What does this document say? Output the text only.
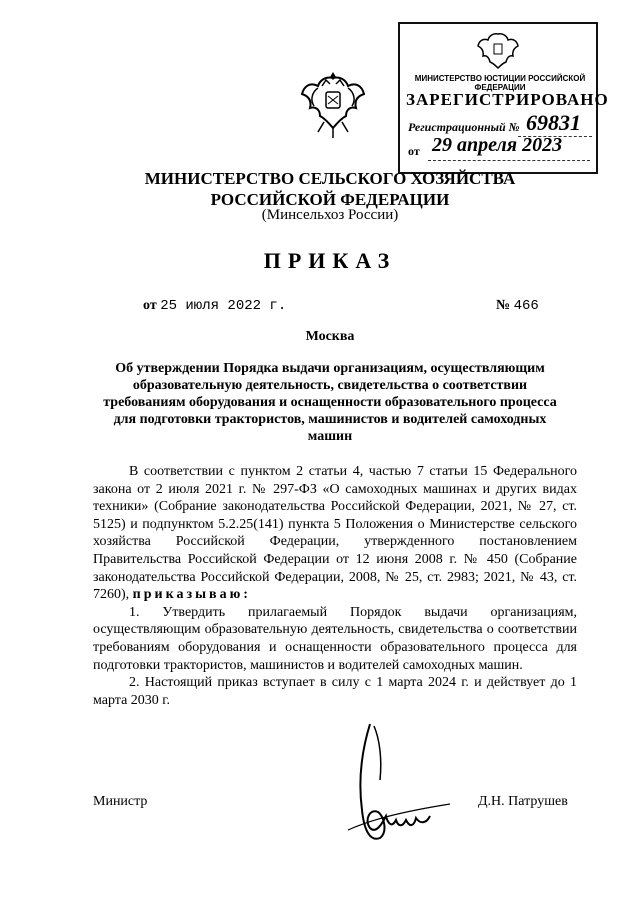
МИНИСТЕРСТВО ЮСТИЦИИ РОССИЙСКОЙ ФЕДЕРАЦИИ
ЗАРЕГИСТРИРОВАНО
Регистрационный № 69831
от 29 апреля 2023
МИНИСТЕРСТВО СЕЛЬСКОГО ХОЗЯЙСТВА РОССИЙСКОЙ ФЕДЕРАЦИИ
(Минсельхоз России)
ПРИКАЗ
от 25 июля 2022 г.	№ 466
Москва
Об утверждении Порядка выдачи организациям, осуществляющим образовательную деятельность, свидетельства о соответствии требованиям оборудования и оснащенности образовательного процесса для подготовки трактористов, машинистов и водителей самоходных машин

В соответствии с пунктом 2 статьи 4, частью 7 статьи 15 Федерального закона от 2 июля 2021 г. № 297-ФЗ «О самоходных машинах и других видах техники» (Собрание законодательства Российской Федерации, 2021, № 27, ст. 5125) и подпунктом 5.2.25(141) пункта 5 Положения о Министерстве сельского хозяйства Российской Федерации, утвержденного постановлением Правительства Российской Федерации от 12 июня 2008 г. № 450 (Собрание законодательства Российской Федерации, 2008, № 25, ст. 2983; 2021, № 43, ст. 7260), приказываю:

1. Утвердить прилагаемый Порядок выдачи организациям, осуществляющим образовательную деятельность, свидетельства о соответствии требованиям оборудования и оснащенности образовательного процесса для подготовки трактористов, машинистов и водителей самоходных машин.

2. Настоящий приказ вступает в силу с 1 марта 2024 г. и действует до 1 марта 2030 г.

Министр	Д.Н. Патрушев
